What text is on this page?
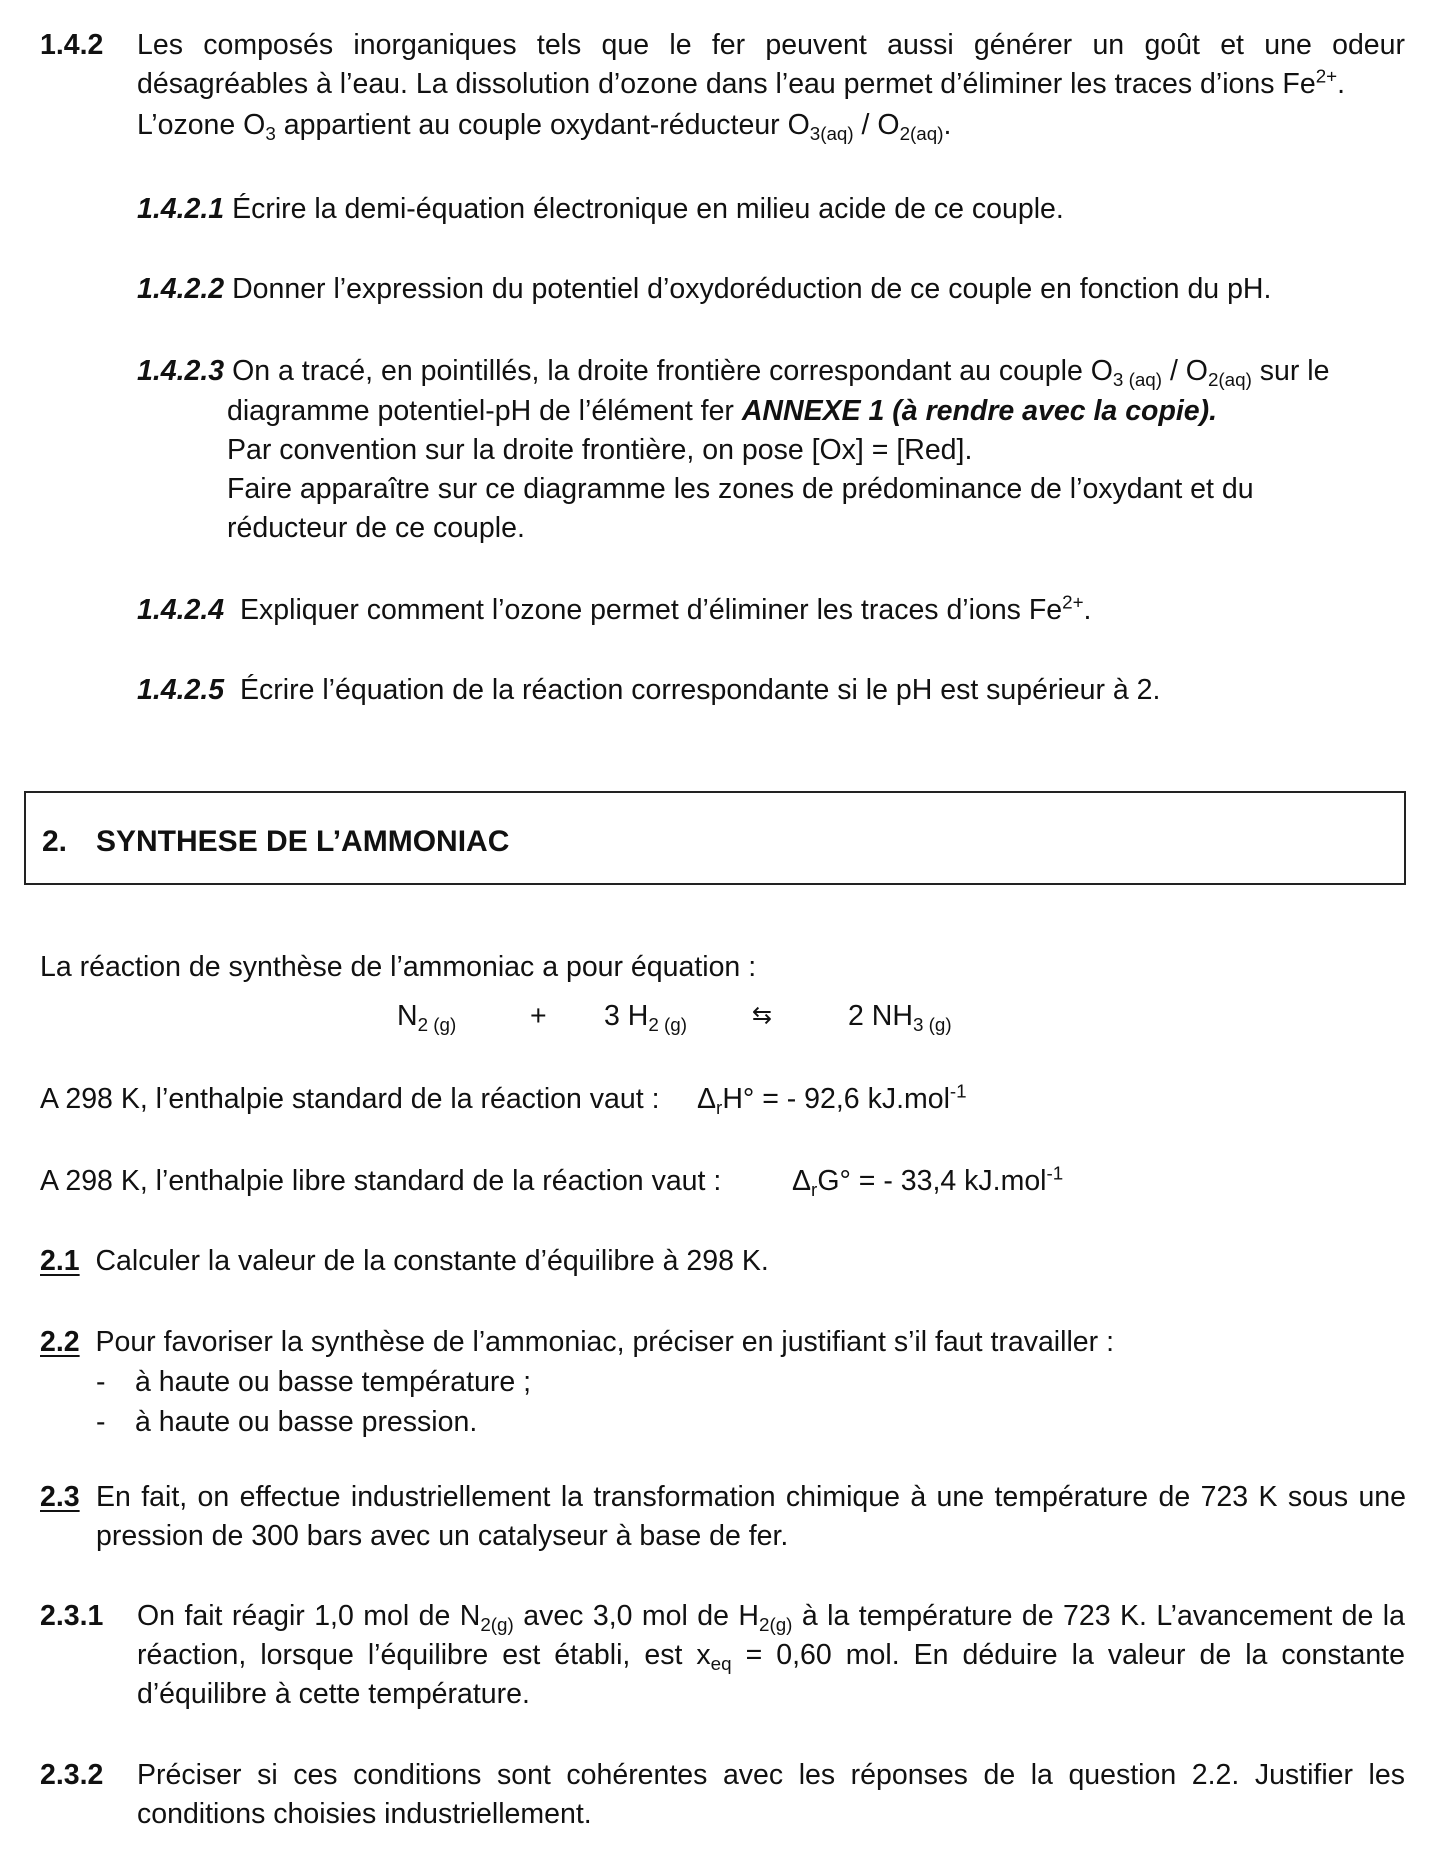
1.4.2 Les composés inorganiques tels que le fer peuvent aussi générer un goût et une odeur désagréables à l’eau. La dissolution d’ozone dans l’eau permet d’éliminer les traces d’ions $Fe^{2+}$.
L’ozone $O_3$ appartient au couple oxydant-réducteur $O_{3(aq)} / O_{2(aq)}$.
1.4.2.1 Écrire la demi-équation électronique en milieu acide de ce couple.
1.4.2.2 Donner l’expression du potentiel d’oxydoréduction de ce couple en fonction du pH.
1.4.2.3 On a tracé, en pointillés, la droite frontière correspondant au couple $O_{3 (aq)} / O_{2(aq)}$ sur le
diagramme potentiel-pH de l’élément fer ANNEXE 1 (à rendre avec la copie).
Par convention sur la droite frontière, on pose [Ox] = [Red].
Faire apparaître sur ce diagramme les zones de prédominance de l’oxydant et du réducteur de ce couple.
1.4.2.4 Expliquer comment l’ozone permet d’éliminer les traces d’ions $Fe^{2+}$.
1.4.2.5 Écrire l’équation de la réaction correspondante si le pH est supérieur à 2.
2. SYNTHESE DE L’AMMONIAC
La réaction de synthèse de l’ammoniac a pour équation :
$N_{2 (g)}$	+ 3 $H_{2 (g)}$	⇆	2 $NH_{3 (g)}$
A 298 K, l’enthalpie standard de la réaction vaut : $\Delta_rH^\circ$ = - 92,6 kJ.mol$^{-1}$
A 298 K, l’enthalpie libre standard de la réaction vaut : $\Delta_rG^\circ$ = - 33,4 kJ.mol$^{-1}$
2.1 Calculer la valeur de la constante d’équilibre à 298 K.
2.2 Pour favoriser la synthèse de l’ammoniac, préciser en justifiant s’il faut travailler :
- à haute ou basse température ;
- à haute ou basse pression.
2.3 En fait, on effectue industriellement la transformation chimique à une température de 723 K sous une pression de 300 bars avec un catalyseur à base de fer.
2.3.1 On fait réagir 1,0 mol de $N_{2(g)}$ avec 3,0 mol de $H_{2(g)}$ à la température de 723 K. L’avancement de la réaction, lorsque l’équilibre est établi, est $x_{eq} = 0,60$ mol. En déduire la valeur de la constante d’équilibre à cette température.
2.3.2 Préciser si ces conditions sont cohérentes avec les réponses de la question 2.2. Justifier les conditions choisies industriellement.
